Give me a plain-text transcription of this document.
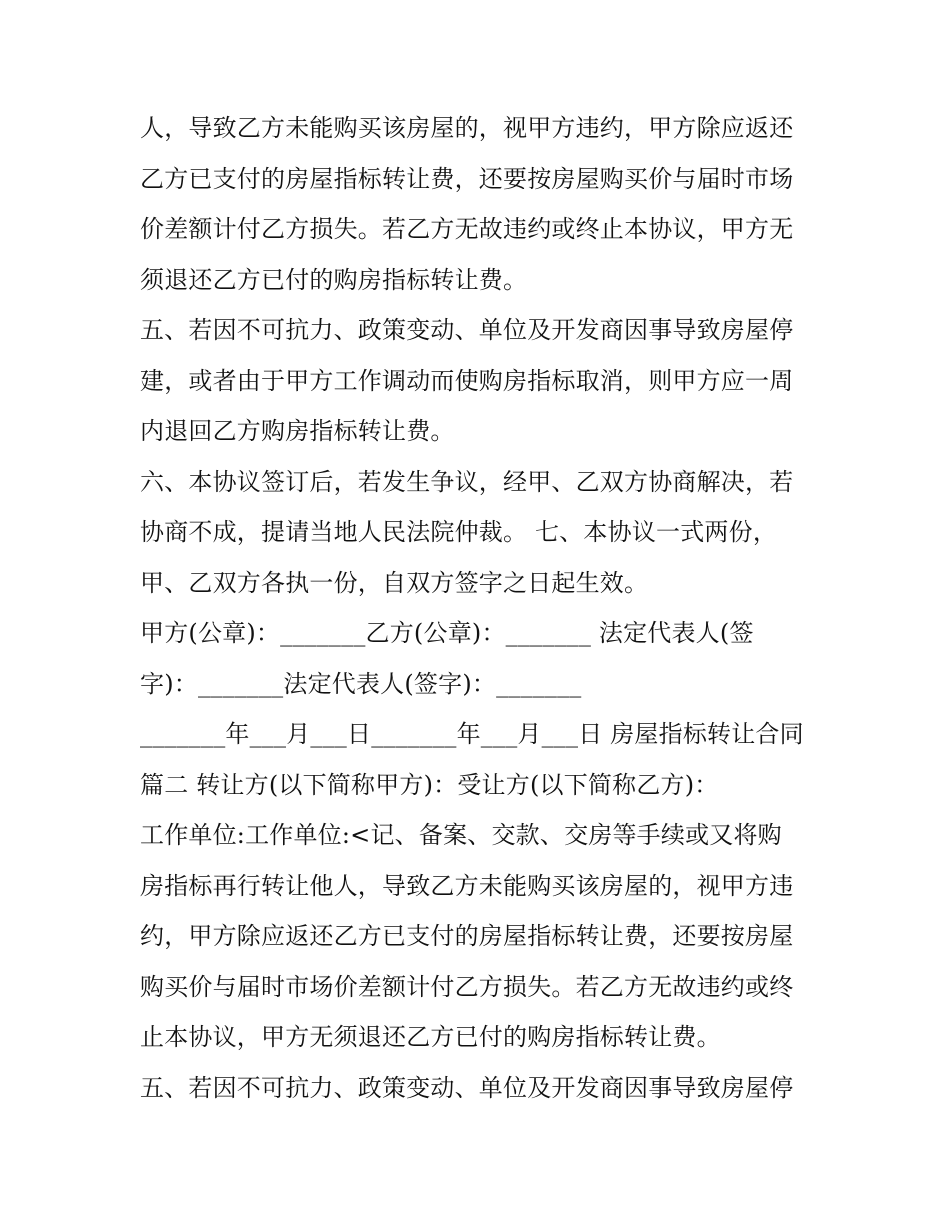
人，导致乙方未能购买该房屋的，视甲方违约，甲方除应返还
乙方已支付的房屋指标转让费，还要按房屋购买价与届时市场
价差额计付乙方损失。若乙方无故违约或终止本协议，甲方无
须退还乙方已付的购房指标转让费。
五、若因不可抗力、政策变动、单位及开发商因事导致房屋停
建，或者由于甲方工作调动而使购房指标取消，则甲方应一周
内退回乙方购房指标转让费。
六、本协议签订后，若发生争议，经甲、乙双方协商解决，若
协商不成，提请当地人民法院仲裁。 七、本协议一式两份，
甲、乙双方各执一份，自双方签字之日起生效。
甲方(公章)：_______乙方(公章)：_______ 法定代表人(签
字)：_______法定代表人(签字)：_______
_______年___月___日_______年___月___日 房屋指标转让合同
篇二 转让方(以下简称甲方)：受让方(以下简称乙方)：
工作单位:工作单位:<记、备案、交款、交房等手续或又将购
房指标再行转让他人，导致乙方未能购买该房屋的，视甲方违
约，甲方除应返还乙方已支付的房屋指标转让费，还要按房屋
购买价与届时市场价差额计付乙方损失。若乙方无故违约或终
止本协议，甲方无须退还乙方已付的购房指标转让费。
五、若因不可抗力、政策变动、单位及开发商因事导致房屋停
